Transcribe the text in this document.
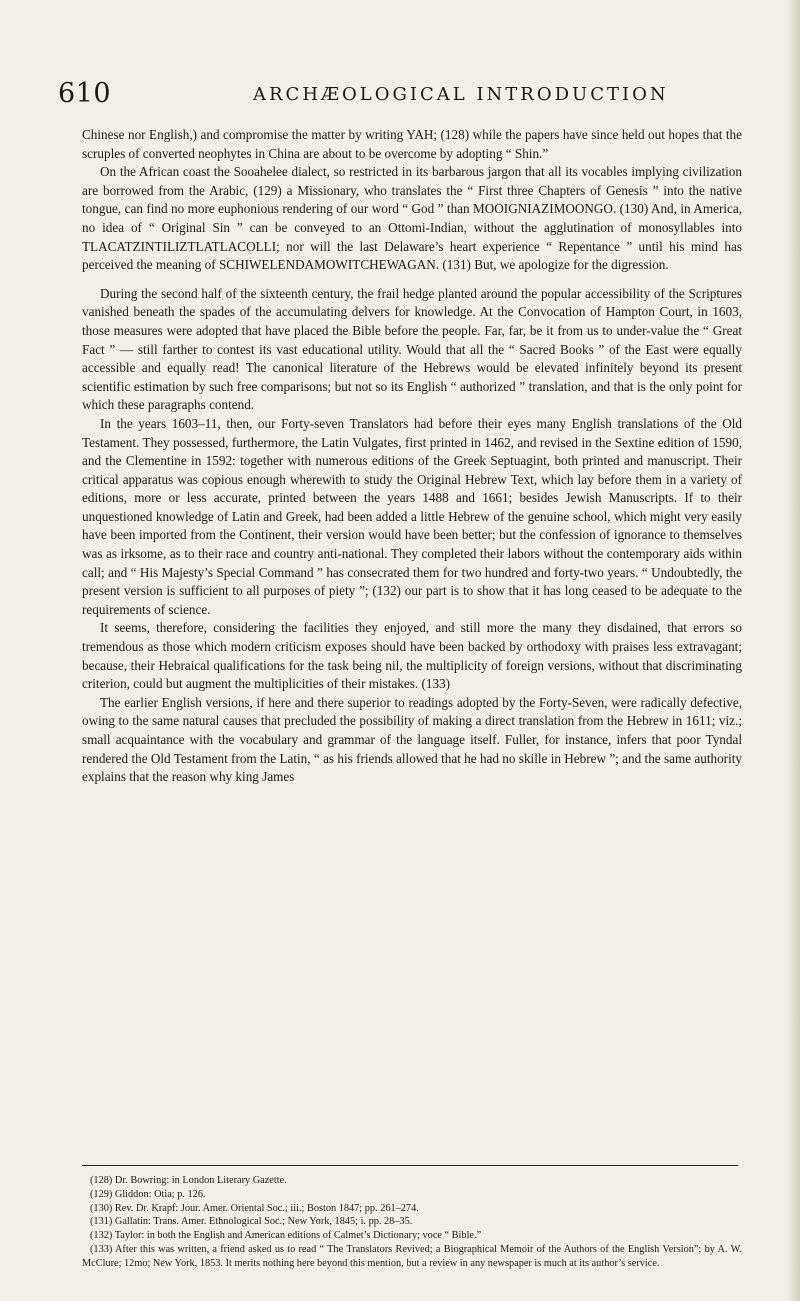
610	ARCHÆOLOGICAL INTRODUCTION

Chinese nor English,) and compromise the matter by writing YAH; (128) while the papers have since held out hopes that the scruples of converted neophytes in China are about to be overcome by adopting “ Shin.”

On the African coast the Sooahelee dialect, so restricted in its barbarous jargon that all its vocables implying civilization are borrowed from the Arabic, (129) a Missionary, who translates the “ First three Chapters of Genesis ” into the native tongue, can find no more euphonious rendering of our word “ God ” than MOOIGNIAZIMOONGO. (130) And, in America, no idea of “ Original Sin ” can be conveyed to an Ottomi-Indian, without the agglutination of monosyllables into TLACATZINTILIZTLATLACOLLI; nor will the last Delaware’s heart experience “ Repentance ” until his mind has perceived the meaning of SCHIWELENDAMOWITCHEWAGAN. (131) But, we apologize for the digression.

During the second half of the sixteenth century, the frail hedge planted around the popular accessibility of the Scriptures vanished beneath the spades of the accumulating delvers for knowledge. At the Convocation of Hampton Court, in 1603, those measures were adopted that have placed the Bible before the people. Far, far, be it from us to under-value the “ Great Fact ” — still farther to contest its vast educational utility. Would that all the “ Sacred Books ” of the East were equally accessible and equally read! The canonical literature of the Hebrews would be elevated infinitely beyond its present scientific estimation by such free comparisons; but not so its English “ authorized ” translation, and that is the only point for which these paragraphs contend.

In the years 1603–11, then, our Forty-seven Translators had before their eyes many English translations of the Old Testament. They possessed, furthermore, the Latin Vulgates, first printed in 1462, and revised in the Sextine edition of 1590, and the Clementine in 1592: together with numerous editions of the Greek Septuagint, both printed and manuscript. Their critical apparatus was copious enough wherewith to study the Original Hebrew Text, which lay before them in a variety of editions, more or less accurate, printed between the years 1488 and 1661; besides Jewish Manuscripts. If to their unquestioned knowledge of Latin and Greek, had been added a little Hebrew of the genuine school, which might very easily have been imported from the Continent, their version would have been better; but the confession of ignorance to themselves was as irksome, as to their race and country anti-national. They completed their labors without the contemporary aids within call; and “ His Majesty’s Special Command ” has consecrated them for two hundred and forty-two years. “ Undoubtedly, the present version is sufficient to all purposes of piety ”; (132) our part is to show that it has long ceased to be adequate to the requirements of science.

It seems, therefore, considering the facilities they enjoyed, and still more the many they disdained, that errors so tremendous as those which modern criticism exposes should have been backed by orthodoxy with praises less extravagant; because, their Hebraical qualifications for the task being nil, the multiplicity of foreign versions, without that discriminating criterion, could but augment the multiplicities of their mistakes. (133)

The earlier English versions, if here and there superior to readings adopted by the Forty-Seven, were radically defective, owing to the same natural causes that precluded the possibility of making a direct translation from the Hebrew in 1611; viz.; small acquaintance with the vocabulary and grammar of the language itself. Fuller, for instance, infers that poor Tyndal rendered the Old Testament from the Latin, “ as his friends allowed that he had no skille in Hebrew ”; and the same authority explains that the reason why king James

(128) Dr. Bowring: in London Literary Gazette.

(129) Gliddon: Otia; p. 126.

(130) Rev. Dr. Krapf: Jour. Amer. Oriental Soc.; iii.; Boston 1847; pp. 261–274.

(131) Gallatin: Trans. Amer. Ethnological Soc.; New York, 1845; i. pp. 28–35.

(132) Taylor: in both the English and American editions of Calmet’s Dictionary; voce “ Bible.”

(133) After this was written, a friend asked us to read “ The Translators Revived; a Biographical Memoir of the Authors of the English Version”; by A. W. McClure; 12mo; New York, 1853. It merits nothing here beyond this mention, but a review in any newspaper is much at its author’s service.
